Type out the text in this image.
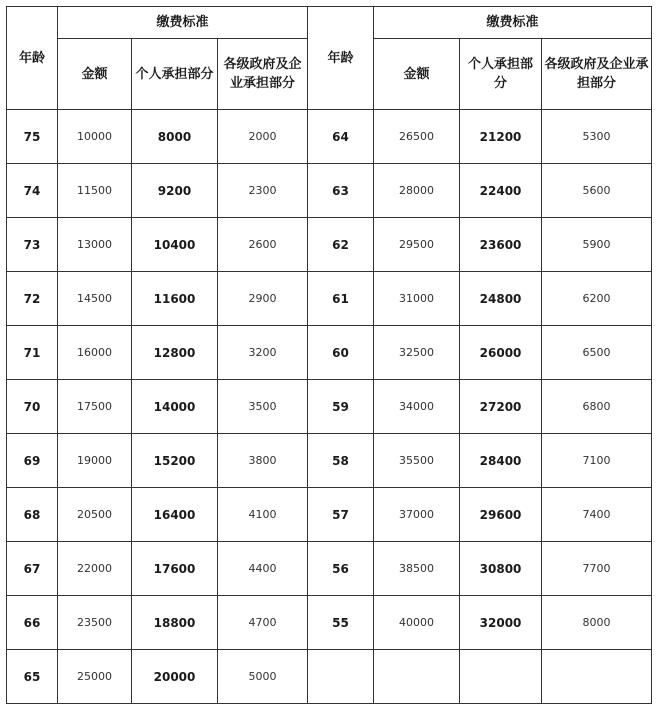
年龄	缴费标准			年龄	缴费标准		
	金额	个人承担部分	各级政府及企业承担部分		金额	个人承担部分	各级政府及企业承担部分
75	10000	8000	2000	64	26500	21200	5300
74	11500	9200	2300	63	28000	22400	5600
73	13000	10400	2600	62	29500	23600	5900
72	14500	11600	2900	61	31000	24800	6200
71	16000	12800	3200	60	32500	26000	6500
70	17500	14000	3500	59	34000	27200	6800
69	19000	15200	3800	58	35500	28400	7100
68	20500	16400	4100	57	37000	29600	7400
67	22000	17600	4400	56	38500	30800	7700
66	23500	18800	4700	55	40000	32000	8000
65	25000	20000	5000				
